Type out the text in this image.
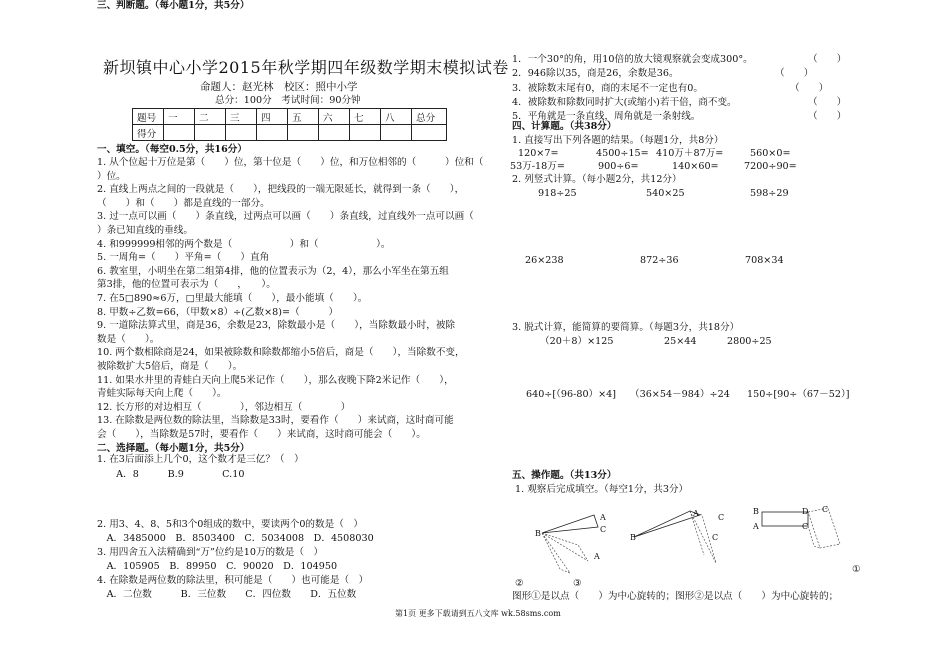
新坝镇中心小学2015年秋学期四年级数学期末模拟试卷
命题人：赵光林　校区：照中小学
总分：100分　考试时间：90分钟
题号	一	二	三	四	五	六	七	八	总分
得分									
一、填空。（每空0.5分，共16分）
1. 从个位起十万位是第（　　）位，第十位是（　　）位，和万位相邻的（　　　）位和（　　　
）位。
2. 直线上两点之间的一段就是（　　），把线段的一端无限延长，就得到一条（　　），
（　　）和（　　）都是直线的一部分。
3. 过一点可以画（　　）条直线，过两点可以画（　　）条直线，过直线外一点可以画（　　
）条已知直线的垂线。
4. 和999999相邻的两个数是（　　　　　　）和（　　　　　　）。
5. 一周角=（　　）平角=（　　）直角
6. 教室里，小明坐在第二组第4排，他的位置表示为（2，4），那么小军坐在第五组
第3排，他的位置可表示为（　　，　　）。
7. 在5□890≈6万，□里最大能填（　　），最小能填（　　）。
8. 甲数÷乙数=66，（甲数×8）÷(乙数×8)=（　　　）
9. 一道除法算式里，商是36，余数是23，除数最小是（　　），当除数最小时，被除
数是（　　）。
10. 两个数相除商是24，如果被除数和除数都缩小5倍后，商是（　　），当除数不变，
被除数扩大5倍后，商是（　　）。
11. 如果水井里的青蛙白天向上爬5米记作（　　），那么夜晚下降2米记作（　　），
青蛙实际每天向上爬（　　）。
12. 长方形的对边相互（　　　　），邻边相互（　　　　）
13. 在除数是两位数的除法里，当除数是33时，要看作（　　）来试商，这时商可能
会（　　），当除数是57时，要看作（　　）来试商，这时商可能会（　　）。
二、选择题。（每小题1分，共5分）
1. 在3后面添上几个0，这个数才是三亿？（　）
　　A．8　　　B.9　　　　C.10
2. 用3、4、8、5和3个0组成的数中，要读两个0的数是（　）
　A．3485000　B．8503400　C．5034008　D．4508030
3. 用四舍五入法精确到“万”位约是10万的数是（　）
　A．105905　B．89950　C．90020　D．104950
4. 在除数是两位数的除法里，积可能是（　　）也可能是（　）
　A．二位数　　　B．三位数　　C．四位数　　D．五位数
三、判断题。（每小题1分，共5分）
1．一个30°的角，用10倍的放大镜观察就会变成300°。	（　　）
2．946除以35，商是26，余数是36。	（　　）
3．被除数末尾有0，商的末尾不一定也有0。	（　　）
4．被除数和除数同时扩大(或缩小)若干倍，商不变。	（　　）
5．平角就是一条直线，周角就是一条射线。	（　　）
四、计算题。（共38分）
1. 直接写出下列各题的结果。（每题1分，共8分）
120×7=	4500÷15= 410万＋87万=	560×0=
53万-18万=	900÷6=	140×60=	7200÷90=
2. 列竖式计算。（每小题2分，共12分）
918÷25	540×25	598÷29
26×238	872÷36	708×34
3. 脱式计算，能简算的要简算。（每题3分，共18分）
（20＋8）×125	25×44	2800÷25
640÷[（96-80）×4] （36×54－984）÷24 150÷[90÷（67－52）]
五、操作题。（共13分）
1. 观察后完成填空。（每空1分，共3分）
A
C
B
A
B
A C
C
B
A
D
C
C
②	③
①
图形①是以点（　　）为中心旋转的；图形②是以点（　　）为中心旋转的；
第1页 更多下载请到五八文库 wk.58sms.com
